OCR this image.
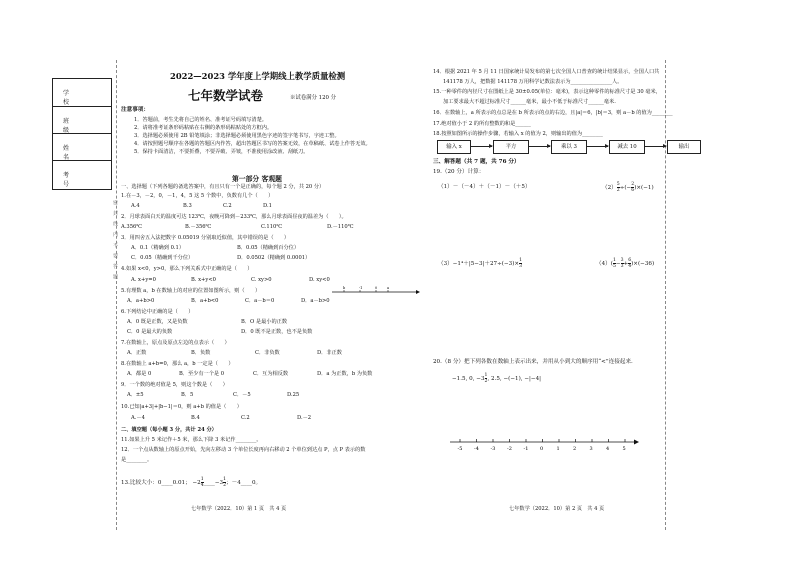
学 校
班 级
姓 名
考 号
密 封 线 内 不 要 答 题
2022—2023 学年度上学期线上教学质量检测
七年数学试卷	※试卷满分 120 分
注意事项：
1．答题前，考生先将自己的姓名、准考证号码填写清楚。
2．请将准考证条形码粘贴在右侧的条形码粘贴处的方框内。
3．选择题必须使用 2B 铅笔填涂；非选择题必须使用黑色字迹的签字笔书写，字迹工整。
4．请按照题号顺序在各题的答题区内作答，超出答题区书写的答案无效，在草稿纸、试卷上作答无效。
5．保持卡面清洁，不要折叠，不要弄破、弄皱，不准使用涂改液、刮纸刀。
第一部分 客观题
一、选择题（下列各题的备选答案中，有且只有一个是正确的，每个题 2 分，共 20 分）
1.在－3，－2，0，－1，4，5 这 5 个数中，负数有几个（　　）
A.4	B.3	C.2	D.1
2．月球表面白天的温度可达 123℃，夜晚可降到－233℃，那么月球表面昼夜的温差为（　　）。
A.356℃	B.－356℃	C.110℃	D.－110℃
3．用四舍五入法把数字 0.05019 分别取近似值，其中错误的是（　　）
A．0.1（精确到 0.1）	B．0.05（精确到百分位）
C．0.05（精确到千分位）	D．0.0502（精确到 0.0001）
4.如果 x<0，y>0，那么下列关系式中正确的是（　　）
A. x+y=0	B. x+y<0	C. xy>0	D. xy<0
5.有理数 a，b 在数轴上的对应的位置如图所示，则（　　）
A．a+b>0	B．a+b<0	C．a－b＝0	D．a－b>0
6.下列结论中正确的是（　　）
A．0 既是正数，又是负数	B．O 是最小的正数
C．0 是最大的负数	D．0 既不是正数，也不是负数
7.在数轴上，原点及原点左边的点表示（　　）
A．正数	B．负数	C．非负数	D．非正数
8.在数轴上 a+b=0，那么 a，b 一定是（　　）
A．都是 0	B．至少有一个是 0	C．互为相反数	D．a 为正数，b 为负数
9．一个数的绝对值是 5，则这个数是（　　）
A．±5	B．5	C．－5	D.25
10.已知|a+3|+|b−1|＝0，则 a+b 的值是（　　）
A.－4	B.4	C.2	D.－2
二、填空题（每小题 3 分，共计 24 分）
11.如果上升 5 米记作＋5 米，那么下降 3 米记作________。
12．一个点从数轴上的原点开始，先向左移动 3 个单位长度再向右移动 2 个单位到达点 P，点 P 表示的数
是________。
b	-1	0	a
13.比较大小：0____0.01； $-2 \frac{1}{4}$ ____−3 $\frac{1}{2}$ ；－4____0。
14．根据 2021 年 5 月 11 日国家统计局发布的第七次全国人口普查的统计结果显示，全国人口共
141178 万人，把数据 141178 万用科学记数法表示为________________人。
15.一种零件的内径尺寸在图纸上是 30±0.05(单位：毫米)，表示这种零件的标准尺寸是 30 毫米，
加工要求最大不超过标准尺寸______毫米，最小不低于标准尺寸______毫米.
16．在数轴上，a 所表示的点总是在 b 所表示的点的右边，且|a|＝6，|b|＝3，则 a－b 的值为________
17.绝对值小于 2 的所有整数的和是______
18.按照如图所示的操作步骤，若输入 x 的值为 2，则输出的值为________
输入 x	平方	乘以 3	减去 10	输出
三、解答题（共 7 题，共 76 分）
19.（20 分）计算：
（1）－（－4）＋（－1）－（＋5）	$(2) \frac{5}{2}$ ÷(− $\frac{2}{6} )\times(-1)$
$(3)-1^4+|5-3|+27\div(-3)\times \frac{1}{3}$	$(4)( \frac{1}{5} - \frac{3}{3} + \frac{6}{4} )\times(-36)$
20.（8 分）把下列各数在数轴上表示出来，并用从小到大的顺序用“<”连接起来.
−1.5, 0, $-3 \frac{1}{2}$ , 2.5, −(−1), −|−4|
-5 -4 -3 -2 -1 0	1	2	3	4	5
七年数学（2022．10）第 1 页　共 4 页	七年数学（2022．10）第 2 页　共 4 页
